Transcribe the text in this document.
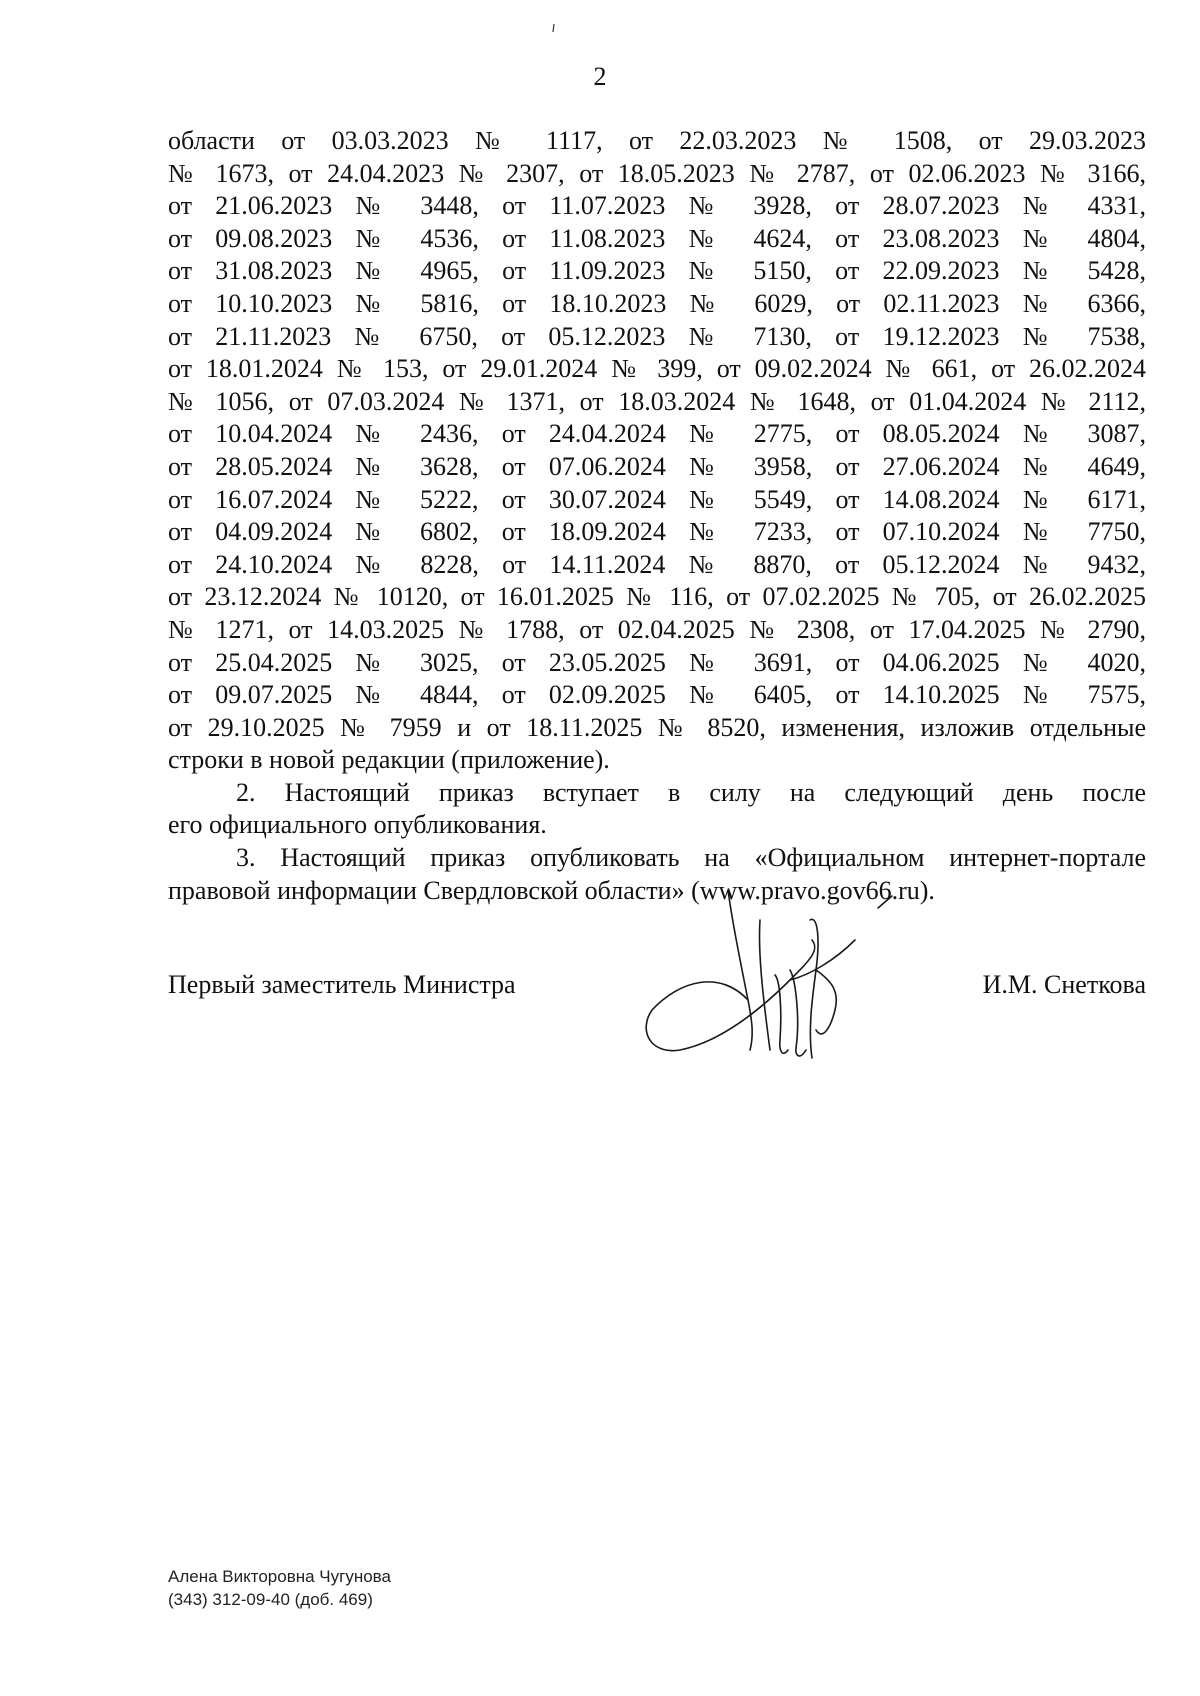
2
области от 03.03.2023 № 1117, от 22.03.2023 № 1508, от 29.03.2023
№ 1673, от 24.04.2023 № 2307, от 18.05.2023 № 2787, от 02.06.2023 № 3166,
от 21.06.2023 № 3448, от 11.07.2023 № 3928, от 28.07.2023 № 4331,
от 09.08.2023 № 4536, от 11.08.2023 № 4624, от 23.08.2023 № 4804,
от 31.08.2023 № 4965, от 11.09.2023 № 5150, от 22.09.2023 № 5428,
от 10.10.2023 № 5816, от 18.10.2023 № 6029, от 02.11.2023 № 6366,
от 21.11.2023 № 6750, от 05.12.2023 № 7130, от 19.12.2023 № 7538,
от 18.01.2024 № 153, от 29.01.2024 № 399, от 09.02.2024 № 661, от 26.02.2024
№ 1056, от 07.03.2024 № 1371, от 18.03.2024 № 1648, от 01.04.2024 № 2112,
от 10.04.2024 № 2436, от 24.04.2024 № 2775, от 08.05.2024 № 3087,
от 28.05.2024 № 3628, от 07.06.2024 № 3958, от 27.06.2024 № 4649,
от 16.07.2024 № 5222, от 30.07.2024 № 5549, от 14.08.2024 № 6171,
от 04.09.2024 № 6802, от 18.09.2024 № 7233, от 07.10.2024 № 7750,
от 24.10.2024 № 8228, от 14.11.2024 № 8870, от 05.12.2024 № 9432,
от 23.12.2024 № 10120, от 16.01.2025 № 116, от 07.02.2025 № 705, от 26.02.2025
№ 1271, от 14.03.2025 № 1788, от 02.04.2025 № 2308, от 17.04.2025 № 2790,
от 25.04.2025 № 3025, от 23.05.2025 № 3691, от 04.06.2025 № 4020,
от 09.07.2025 № 4844, от 02.09.2025 № 6405, от 14.10.2025 № 7575,
от 29.10.2025 № 7959 и от 18.11.2025 № 8520, изменения, изложив отдельные
строки в новой редакции (приложение).
2. Настоящий приказ вступает в силу на следующий день после
его официального опубликования.
3. Настоящий приказ опубликовать на «Официальном интернет-портале
правовой информации Свердловской области» (www.pravo.gov66.ru).
Первый заместитель Министра	И.М. Снеткова
Алена Викторовна Чугунова
(343) 312-09-40 (доб. 469)
